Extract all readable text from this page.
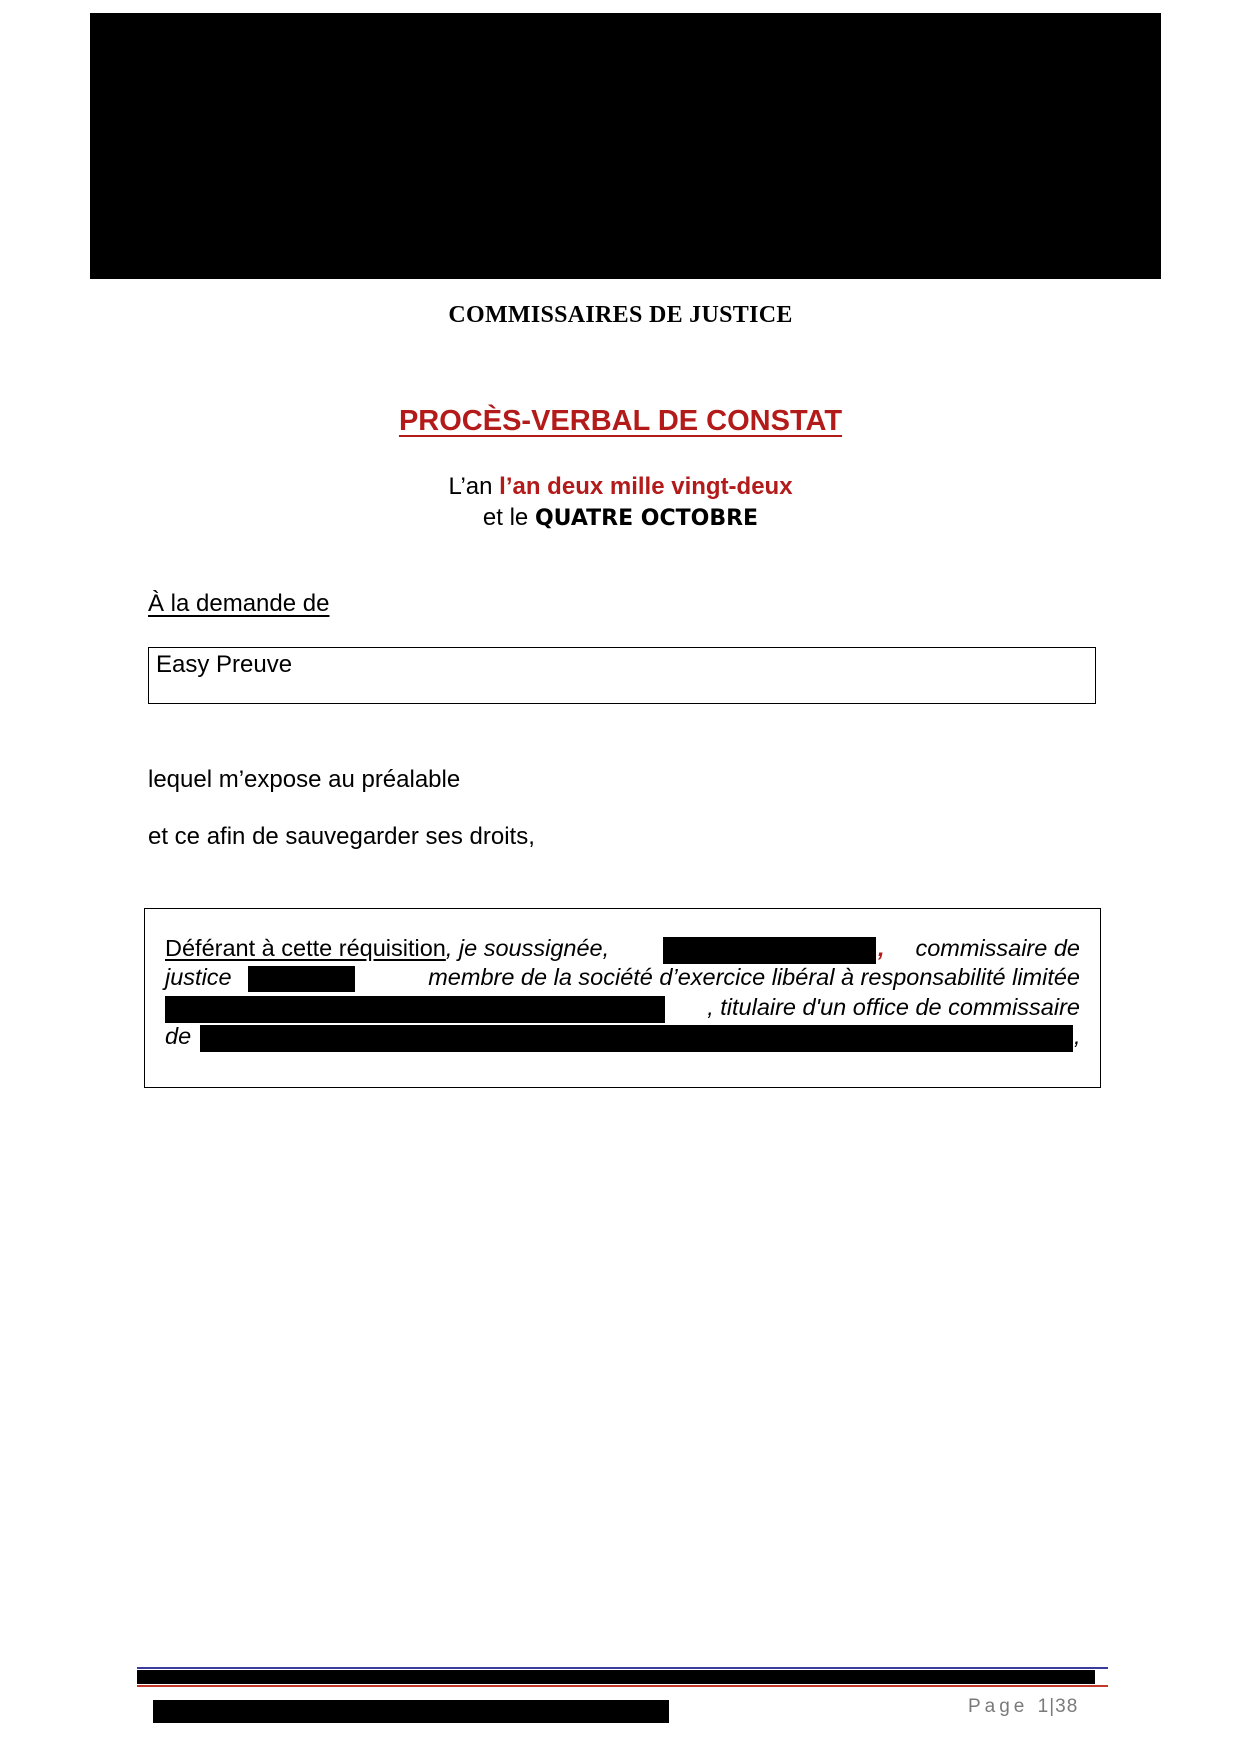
COMMISSAIRES DE JUSTICE
PROCÈS-VERBAL DE CONSTAT
L’an l’an deux mille vingt-deux
et le QUATRE OCTOBRE
À la demande de
Easy Preuve
lequel m’expose au préalable
et ce afin de sauvegarder ses droits,
Déférant à cette réquisition, je soussignée,	,	commissaire de
justice	membre de la société d’exercice libéral à responsabilité limitée
, titulaire d'un office de commissaire
de	,
Page 1|38
